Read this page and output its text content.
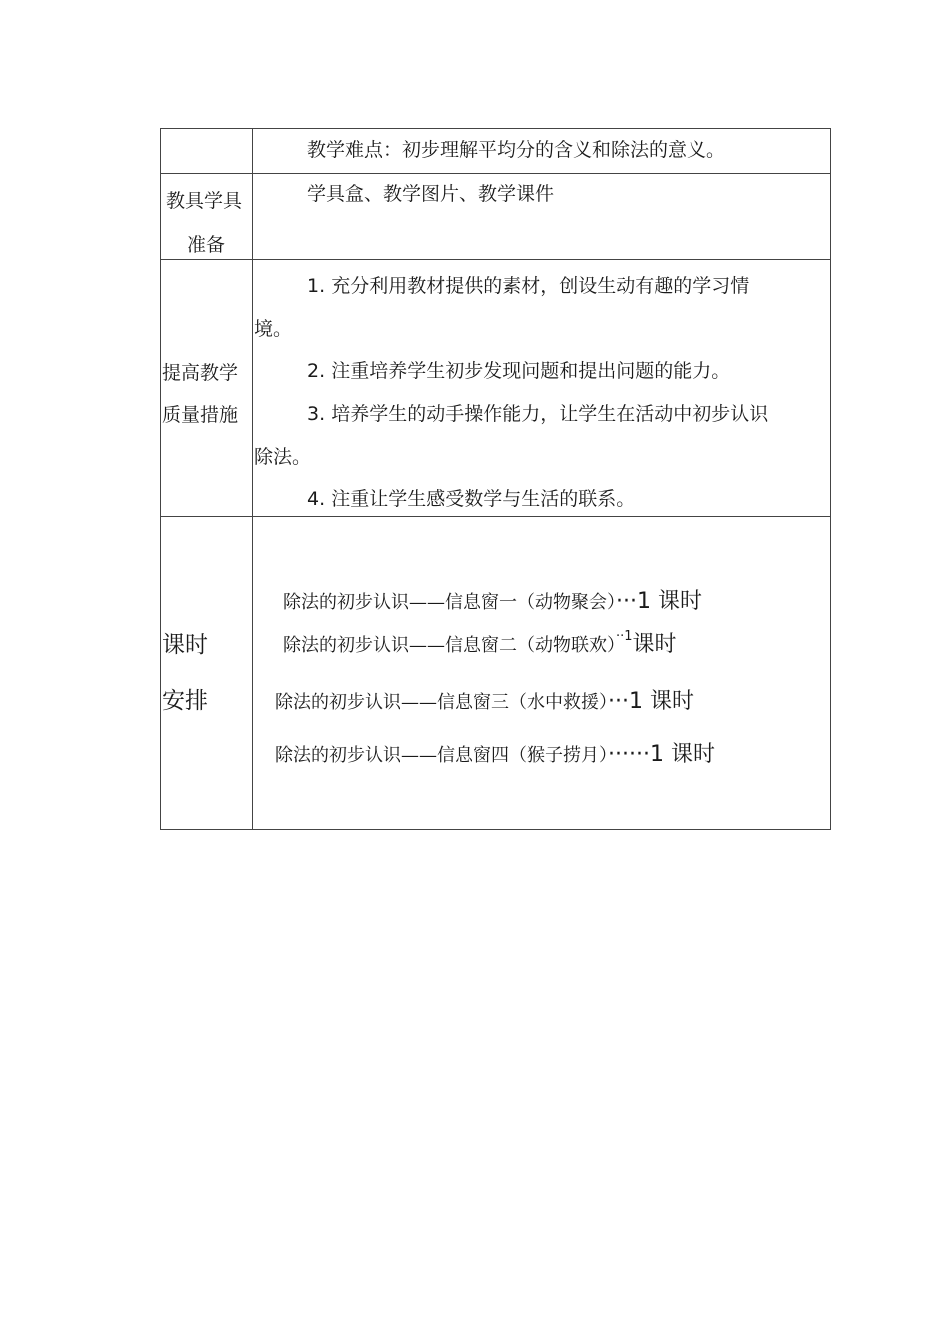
教学难点：初步理解平均分的含义和除法的意义。
教具学具
准备
学具盒、教学图片、教学课件
提高教学
质量措施
1. 充分利用教材提供的素材，创设生动有趣的学习情
境。
2. 注重培养学生初步发现问题和提出问题的能力。
3. 培养学生的动手操作能力，让学生在活动中初步认识
除法。
4. 注重让学生感受数学与生活的联系。
课时
安排
除法的初步认识——信息窗一（动物聚会）···1 课时
除法的初步认识——信息窗二（动物联欢）$^{\cdot\cdot 1}$课时
除法的初步认识——信息窗三（水中救援）···1 课时
除法的初步认识——信息窗四（猴子捞月）······1 课时
